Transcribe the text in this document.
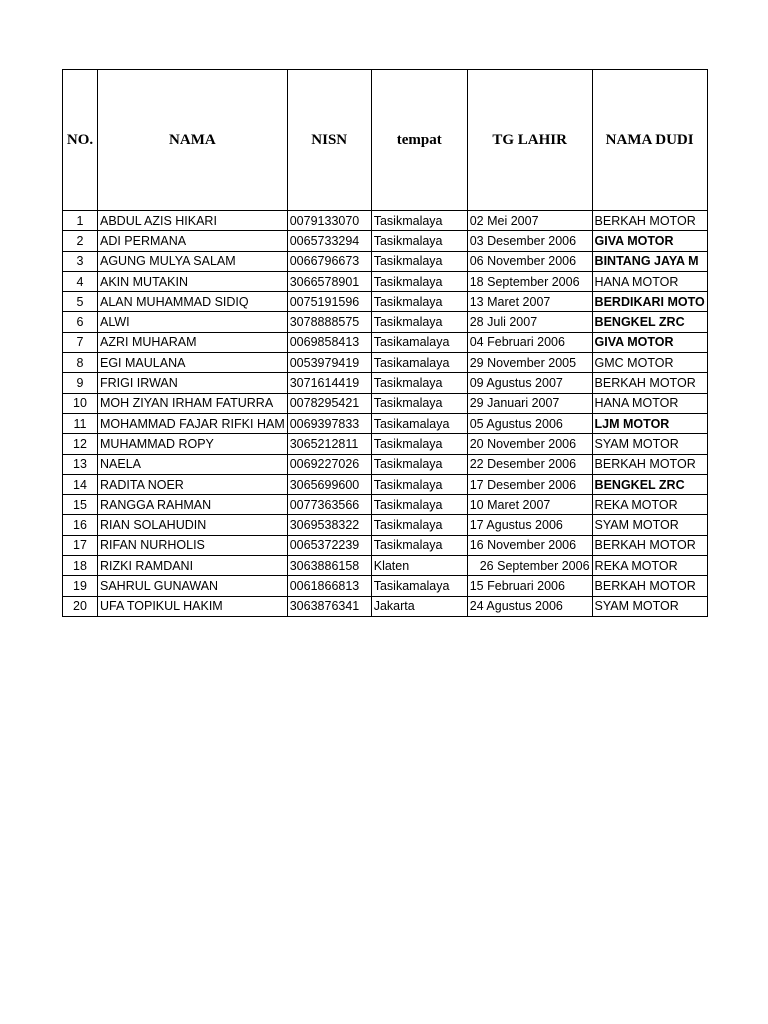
NO.	NAMA	NISN	tempat	TG LAHIR	NAMA DUDI
1	ABDUL AZIS HIKARI	0079133070	Tasikmalaya	02 Mei 2007	BERKAH MOTOR
2	ADI PERMANA	0065733294	Tasikmalaya	03 Desember 2006	GIVA MOTOR
3	AGUNG MULYA SALAM	0066796673	Tasikmalaya	06 November 2006	BINTANG JAYA M
4	AKIN MUTAKIN	3066578901	Tasikmalaya	18 September 2006	HANA MOTOR
5	ALAN MUHAMMAD SIDIQ	0075191596	Tasikmalaya	13 Maret 2007	BERDIKARI MOTO
6	ALWI	3078888575	Tasikmalaya	28 Juli 2007	BENGKEL ZRC
7	AZRI MUHARAM	0069858413	Tasikamalaya	04 Februari 2006	GIVA MOTOR
8	EGI MAULANA	0053979419	Tasikamalaya	29 November 2005	GMC MOTOR
9	FRIGI IRWAN	3071614419	Tasikmalaya	09 Agustus 2007	BERKAH MOTOR
10	MOH ZIYAN IRHAM FATURRA	0078295421	Tasikmalaya	29 Januari 2007	HANA MOTOR
11	MOHAMMAD FAJAR RIFKI HAM	0069397833	Tasikamalaya	05 Agustus 2006	LJM MOTOR
12	MUHAMMAD ROPY	3065212811	Tasikmalaya	20 November 2006	SYAM MOTOR
13	NAELA	0069227026	Tasikmalaya	22 Desember 2006	BERKAH MOTOR
14	RADITA NOER	3065699600	Tasikmalaya	17 Desember 2006	BENGKEL ZRC
15	RANGGA RAHMAN	0077363566	Tasikmalaya	10 Maret 2007	REKA MOTOR
16	RIAN SOLAHUDIN	3069538322	Tasikmalaya	17 Agustus 2006	SYAM MOTOR
17	RIFAN NURHOLIS	0065372239	Tasikmalaya	16 November 2006	BERKAH MOTOR
18	RIZKI RAMDANI	3063886158	Klaten	26 September 2006	REKA MOTOR
19	SAHRUL GUNAWAN	0061866813	Tasikamalaya	15 Februari 2006	BERKAH MOTOR
20	UFA TOPIKUL HAKIM	3063876341	Jakarta	24 Agustus 2006	SYAM MOTOR
